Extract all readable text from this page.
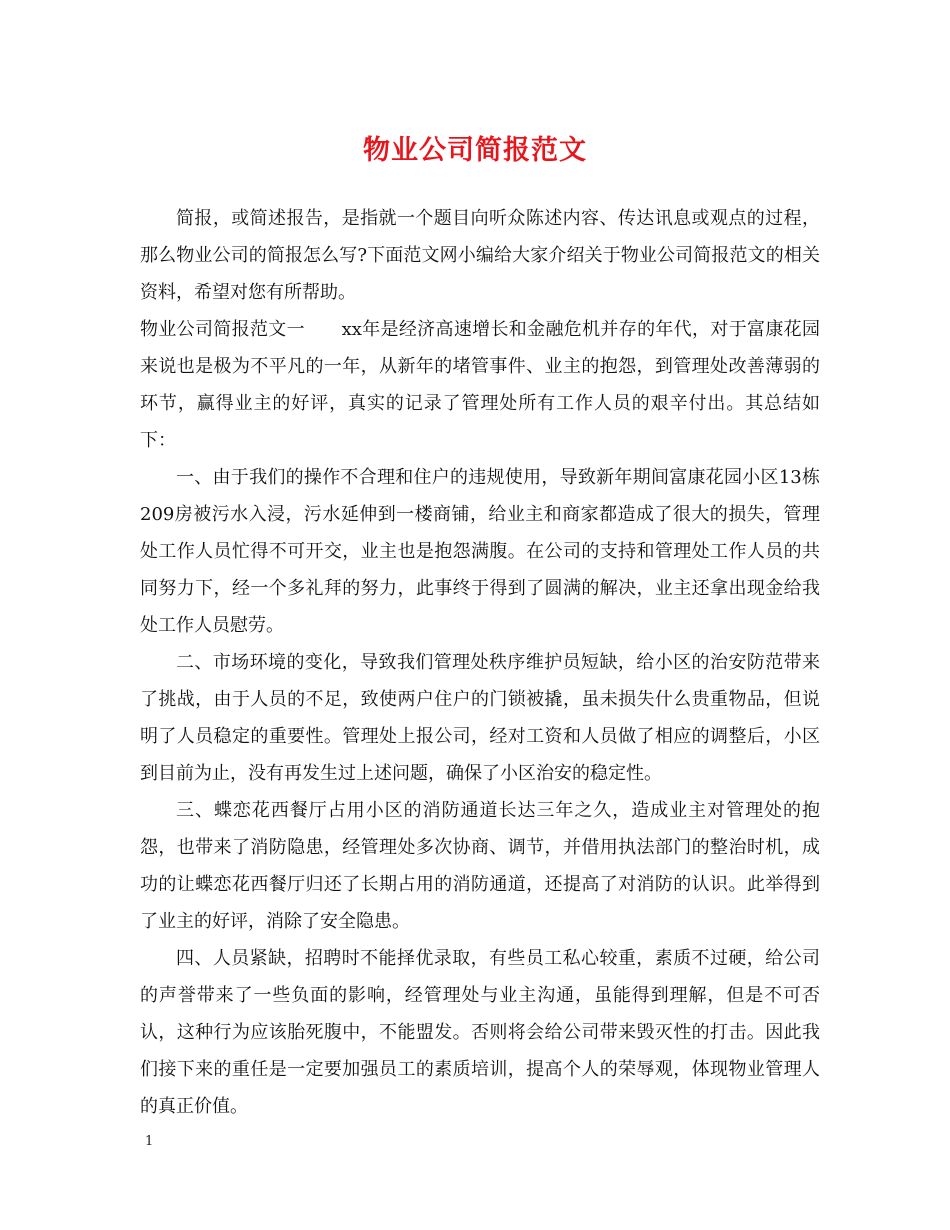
物业公司简报范文

简报，或简述报告，是指就一个题目向听众陈述内容、传达讯息或观点的过程，那么物业公司的简报怎么写?下面范文网小编给大家介绍关于物业公司简报范文的相关资料，希望对您有所帮助。

物业公司简报范文一　　xx年是经济高速增长和金融危机并存的年代，对于富康花园来说也是极为不平凡的一年，从新年的堵管事件、业主的抱怨，到管理处改善薄弱的环节，赢得业主的好评，真实的记录了管理处所有工作人员的艰辛付出。其总结如下：

一、由于我们的操作不合理和住户的违规使用，导致新年期间富康花园小区13栋209房被污水入浸，污水延伸到一楼商铺，给业主和商家都造成了很大的损失，管理处工作人员忙得不可开交，业主也是抱怨满腹。在公司的支持和管理处工作人员的共同努力下，经一个多礼拜的努力，此事终于得到了圆满的解决，业主还拿出现金给我处工作人员慰劳。

二、市场环境的变化，导致我们管理处秩序维护员短缺，给小区的治安防范带来了挑战，由于人员的不足，致使两户住户的门锁被撬，虽未损失什么贵重物品，但说明了人员稳定的重要性。管理处上报公司，经对工资和人员做了相应的调整后，小区到目前为止，没有再发生过上述问题，确保了小区治安的稳定性。

三、蝶恋花西餐厅占用小区的消防通道长达三年之久，造成业主对管理处的抱怨，也带来了消防隐患，经管理处多次协商、调节，并借用执法部门的整治时机，成功的让蝶恋花西餐厅归还了长期占用的消防通道，还提高了对消防的认识。此举得到了业主的好评，消除了安全隐患。

四、人员紧缺，招聘时不能择优录取，有些员工私心较重，素质不过硬，给公司的声誉带来了一些负面的影响，经管理处与业主沟通，虽能得到理解，但是不可否认，这种行为应该胎死腹中，不能盟发。否则将会给公司带来毁灭性的打击。因此我们接下来的重任是一定要加强员工的素质培训，提高个人的荣辱观，体现物业管理人的真正价值。

1
